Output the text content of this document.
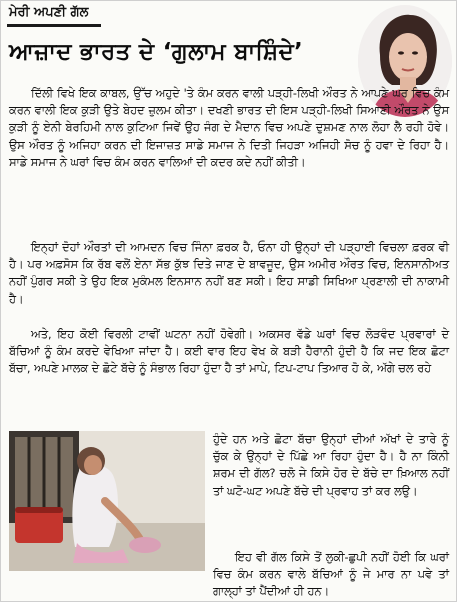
ਮੇਰੀ ਅਪਣੀ ਗੱਲ
ਆਜ਼ਾਦ ਭਾਰਤ ਦੇ ‘ਗੁਲਾਮ ਬਾਸ਼ਿੰਦੇ’

ਦਿੱਲੀ ਵਿਖੇ ਇਕ ਕਾਬਲ, ਉੱਚ ਅਹੁਦੇ 'ਤੇ ਕੰਮ ਕਰਨ ਵਾਲੀ ਪੜ੍ਹੀ-ਲਿਖੀ ਔਰਤ ਨੇ ਆਪਣੇ ਘਰ ਵਿਚ ਕੰਮ ਕਰਨ ਵਾਲੀ ਇਕ ਕੁੜੀ ਉਤੇ ਬੇਹਦ ਜ਼ੁਲਮ ਕੀਤਾ। ਦਖਣੀ ਭਾਰਤ ਦੀ ਇਸ ਪੜ੍ਹੀ-ਲਿਖੀ ਸਿਆਣੀ ਔਰਤ ਨੇ ਉਸ ਕੁੜੀ ਨੂੰ ਏਨੀ ਬੇਰਹਿਮੀ ਨਾਲ ਕੁਟਿਆ ਜਿਵੇਂ ਉਹ ਜੰਗ ਦੇ ਮੈਦਾਨ ਵਿਚ ਅਪਣੇ ਦੁਸ਼ਮਣ ਨਾਲ ਲੋਹਾ ਲੈ ਰਹੀ ਹੋਵੇ। ਉਸ ਔਰਤ ਨੂੰ ਅਜਿਹਾ ਕਰਨ ਦੀ ਇਜਾਜ਼ਤ ਸਾਡੇ ਸਮਾਜ ਨੇ ਦਿਤੀ ਜਿਹੜਾ ਅਜਿਹੀ ਸੋਚ ਨੂੰ ਹਵਾ ਦੇ ਰਿਹਾ ਹੈ। ਸਾਡੇ ਸਮਾਜ ਨੇ ਘਰਾਂ ਵਿਚ ਕੰਮ ਕਰਨ ਵਾਲਿਆਂ ਦੀ ਕਦਰ ਕਦੇ ਨਹੀਂ ਕੀਤੀ।

ਇਨ੍ਹਾਂ ਦੋਹਾਂ ਔਰਤਾਂ ਦੀ ਆਮਦਨ ਵਿਚ ਜਿੰਨਾ ਫ਼ਰਕ ਹੈ, ਓਨਾ ਹੀ ਉਨ੍ਹਾਂ ਦੀ ਪੜ੍ਹਾਈ ਵਿਚਲਾ ਫ਼ਰਕ ਵੀ ਹੈ। ਪਰ ਅਫ਼ਸੋਸ ਕਿ ਰੱਬ ਵਲੋਂ ਏਨਾ ਸੱਭ ਕੁੱਝ ਦਿਤੇ ਜਾਣ ਦੇ ਬਾਵਜੂਦ, ਉਸ ਅਮੀਰ ਔਰਤ ਵਿਚ, ਇਨਸਾਨੀਅਤ ਨਹੀਂ ਪੁੰਗਰ ਸਕੀ ਤੇ ਉਹ ਇਕ ਮੁਕੰਮਲ ਇਨਸਾਨ ਨਹੀਂ ਬਣ ਸਕੀ। ਇਹ ਸਾਡੀ ਸਿਖਿਆ ਪ੍ਰਣਾਲੀ ਦੀ ਨਾਕਾਮੀ ਹੈ।

ਅਤੇ, ਇਹ ਕੋਈ ਵਿਰਲੀ ਟਾਵੀਂ ਘਟਨਾ ਨਹੀਂ ਹੋਵੇਗੀ। ਅਕਸਰ ਵੱਡੇ ਘਰਾਂ ਵਿਚ ਲੋੜਵੰਦ ਪ੍ਰਵਾਰਾਂ ਦੇ ਬੱਚਿਆਂ ਨੂੰ ਕੰਮ ਕਰਦੇ ਵੇਖਿਆ ਜਾਂਦਾ ਹੈ। ਕਈ ਵਾਰ ਇਹ ਵੇਖ ਕੇ ਬੜੀ ਹੈਰਾਨੀ ਹੁੰਦੀ ਹੈ ਕਿ ਜਦ ਇਕ ਛੋਟਾ ਬੱਚਾ, ਅਪਣੇ ਮਾਲਕ ਦੇ ਛੋਟੇ ਬੱਚੇ ਨੂੰ ਸੰਭਾਲ ਰਿਹਾ ਹੁੰਦਾ ਹੈ ਤਾਂ ਮਾਪੇ, ਟਿਪ-ਟਾਪ ਤਿਆਰ ਹੋ ਕੇ, ਅੱਗੇ ਚਲ ਰਹੇ

ਹੁੰਦੇ ਹਨ ਅਤੇ ਛੋਟਾ ਬੱਚਾ ਉਨ੍ਹਾਂ ਦੀਆਂ ਅੱਖਾਂ ਦੇ ਤਾਰੇ ਨੂੰ ਚੁੱਕ ਕੇ ਉਨ੍ਹਾਂ ਦੇ ਪਿੱਛੇ ਆ ਰਿਹਾ ਹੁੰਦਾ ਹੈ। ਹੈ ਨਾ ਕਿੰਨੀ ਸ਼ਰਮ ਦੀ ਗੱਲ? ਚਲੋ ਜੇ ਕਿਸੇ ਹੋਰ ਦੇ ਬੱਚੇ ਦਾ ਖ਼ਿਆਲ ਨਹੀਂ ਤਾਂ ਘਟੋ-ਘਟ ਅਪਣੇ ਬੱਚੇ ਦੀ ਪ੍ਰਵਾਹ ਤਾਂ ਕਰ ਲਉ।

ਇਹ ਵੀ ਗੱਲ ਕਿਸੇ ਤੋਂ ਲੁਕੀ-ਛੁਪੀ ਨਹੀਂ ਹੋਈ ਕਿ ਘਰਾਂ ਵਿਚ ਕੰਮ ਕਰਨ ਵਾਲੇ ਬੱਚਿਆਂ ਨੂੰ ਜੇ ਮਾਰ ਨਾ ਪਵੇ ਤਾਂ ਗਾਲ੍ਹਾਂ ਤਾਂ ਪੈਂਦੀਆਂ ਹੀ ਹਨ।
